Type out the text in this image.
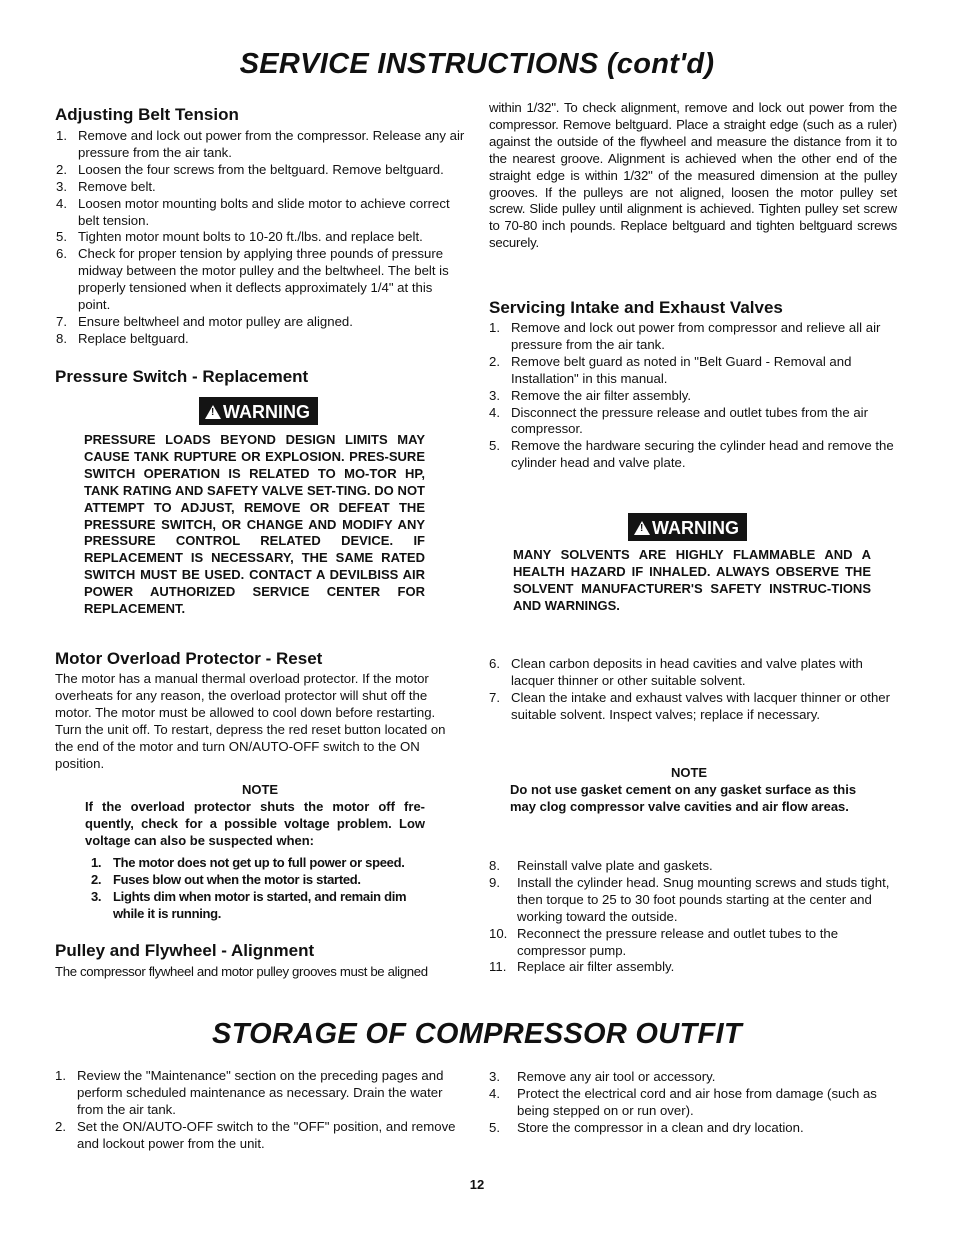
SERVICE INSTRUCTIONS (cont'd)
STORAGE OF COMPRESSOR OUTFIT
Adjusting Belt Tension
1. Remove and lock out power from the compressor. Release any air pressure from the air tank.
2. Loosen the four screws from the beltguard. Remove beltguard.
3. Remove belt.
4. Loosen motor mounting bolts and slide motor to achieve correct belt tension.
5. Tighten motor mount bolts to 10-20 ft./lbs. and replace belt.
6. Check for proper tension by applying three pounds of pressure midway between the motor pulley and the beltwheel. The belt is properly tensioned when it deflects approximately 1/4" at this point.
7. Ensure beltwheel and motor pulley are aligned.
8. Replace beltguard.
Pressure Switch - Replacement
! WARNING

PRESSURE LOADS BEYOND DESIGN LIMITS MAY CAUSE TANK RUPTURE OR EXPLOSION. PRES-SURE SWITCH OPERATION IS RELATED TO MO-TOR HP, TANK RATING AND SAFETY VALVE SET-TING. DO NOT ATTEMPT TO ADJUST, REMOVE OR DEFEAT THE PRESSURE SWITCH, OR CHANGE AND MODIFY ANY PRESSURE CONTROL RELATED DEVICE. IF REPLACEMENT IS NECESSARY, THE SAME RATED SWITCH MUST BE USED. CONTACT A DEVILBISS AIR POWER AUTHORIZED SERVICE CENTER FOR REPLACEMENT.

Motor Overload Protector - Reset

The motor has a manual thermal overload protector. If the motor overheats for any reason, the overload protector will shut off the motor. The motor must be allowed to cool down before restarting. Turn the unit off. To restart, depress the red reset button located on the end of the motor and turn ON/AUTO-OFF switch to the ON position.

NOTE

If the overload protector shuts the motor off fre-quently, check for a possible voltage problem. Low voltage can also be suspected when:

1. The motor does not get up to full power or speed.
2. Fuses blow out when the motor is started.
3. Lights dim when motor is started, and remain dim while it is running.
Pulley and Flywheel - Alignment

The compressor flywheel and motor pulley grooves must be aligned

within 1/32". To check alignment, remove and lock out power from the compressor. Remove beltguard. Place a straight edge (such as a ruler) against the outside of the flywheel and measure the distance from it to the nearest groove. Alignment is achieved when the other end of the straight edge is within 1/32" of the measured dimension at the pulley grooves. If the pulleys are not aligned, loosen the motor pulley set screw. Slide pulley until alignment is achieved. Tighten pulley set screw to 70-80 inch pounds. Replace beltguard and tighten beltguard screws securely.

Servicing Intake and Exhaust Valves
1. Remove and lock out power from compressor and relieve all air pressure from the air tank.
2. Remove belt guard as noted in "Belt Guard - Removal and Installation" in this manual.
3. Remove the air filter assembly.
4. Disconnect the pressure release and outlet tubes from the air compressor.
5. Remove the hardware securing the cylinder head and remove the cylinder head and valve plate.
! WARNING

MANY SOLVENTS ARE HIGHLY FLAMMABLE AND A HEALTH HAZARD IF INHALED. ALWAYS OBSERVE THE SOLVENT MANUFACTURER'S SAFETY INSTRUC-TIONS AND WARNINGS.

6. Clean carbon deposits in head cavities and valve plates with lacquer thinner or other suitable solvent.
7. Clean the intake and exhaust valves with lacquer thinner or other suitable solvent. Inspect valves; replace if necessary.

NOTE

Do not use gasket cement on any gasket surface as this may clog compressor valve cavities and air flow areas.

8. Reinstall valve plate and gaskets.
9. Install the cylinder head. Snug mounting screws and studs tight, then torque to 25 to 30 foot pounds starting at the center and working toward the outside.
10. Reconnect the pressure release and outlet tubes to the compressor pump.
11. Replace air filter assembly.
1. Review the "Maintenance" section on the preceding pages and perform scheduled maintenance as necessary. Drain the water from the air tank.
2. Set the ON/AUTO-OFF switch to the "OFF" position, and remove and lockout power from the unit.
3. Remove any air tool or accessory.
4. Protect the electrical cord and air hose from damage (such as being stepped on or run over).
5. Store the compressor in a clean and dry location.
12
